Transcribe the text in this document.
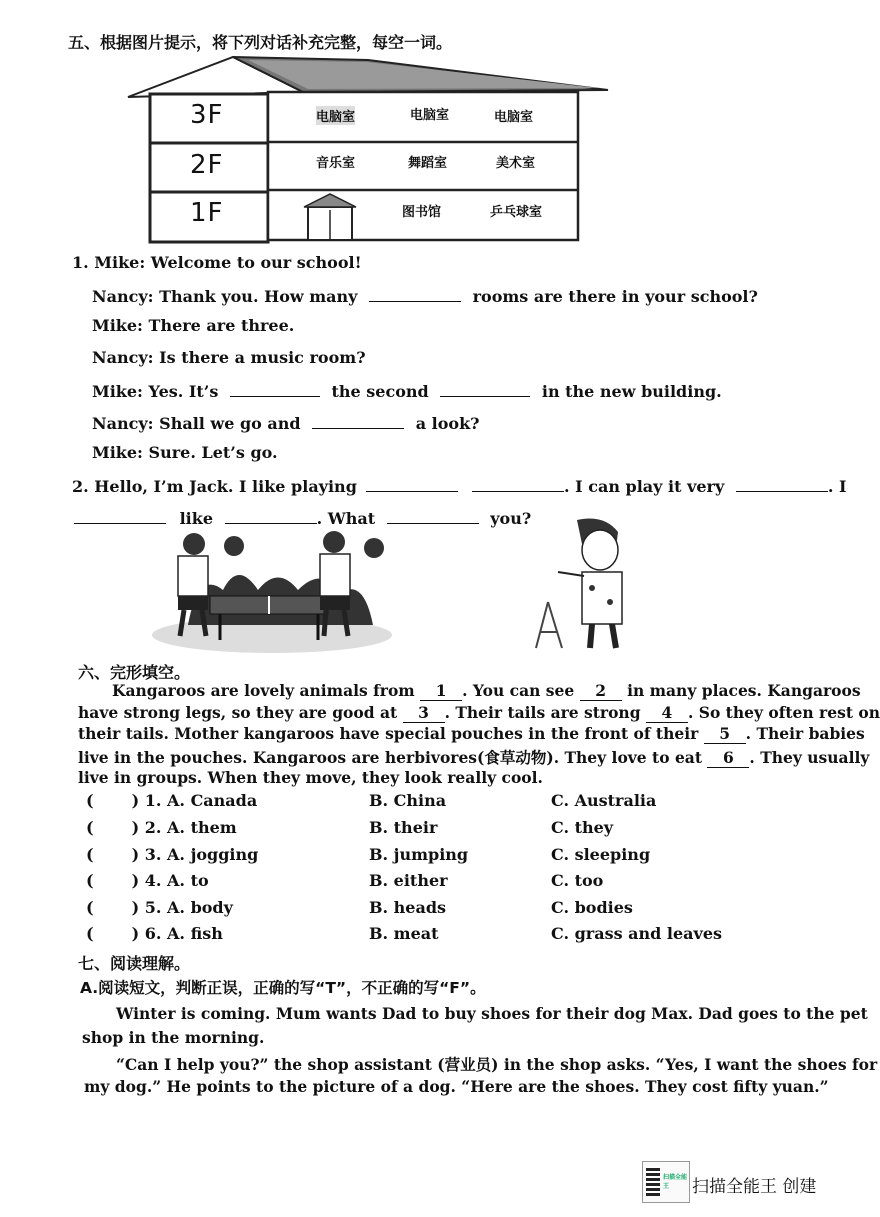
五、根据图片提示，将下列对话补充完整，每空一词。
3F
2F
1F
电脑室	电脑室	电脑室
音乐室	舞蹈室	美术室
图书馆	乒乓球室
1. Mike: Welcome to our school!
Nancy: Thank you. How many	rooms are there in your school?
Mike: There are three.
Nancy: Is there a music room?
Mike: Yes. It’s	the second	in the new building.
Nancy: Shall we go and	a look?
Mike: Sure. Let’s go.
2. Hello, I’m Jack. I like playing	. I can play it very	. I
like	. What	you?
六、完形填空。
Kangaroos are lovely animals from 1 . You can see 2 in many places. Kangaroos
have strong legs, so they are good at 3 . Their tails are strong 4 . So they often rest on
their tails. Mother kangaroos have special pouches in the front of their 5 . Their babies
live in the pouches. Kangaroos are herbivores(食草动物). They love to eat 6 . They usually
live in groups. When they move, they look really cool.
( ) 1. A. Canada	B. China	C. Australia
( ) 2. A. them	B. their	C. they
( ) 3. A. jogging	B. jumping	C. sleeping
( ) 4. A. to	B. either	C. too
( ) 5. A. body	B. heads	C. bodies
( ) 6. A. fish	B. meat	C. grass and leaves
七、阅读理解。
A.阅读短文，判断正误，正确的写“T”，不正确的写“F”。
Winter is coming. Mum wants Dad to buy shoes for their dog Max. Dad goes to the pet
shop in the morning.
“Can I help you?” the shop assistant (营业员) in the shop asks. “Yes, I want the shoes for
my dog.” He points to the picture of a dog. “Here are the shoes. They cost fifty yuan.”
扫描全能王	扫描全能王 创建
